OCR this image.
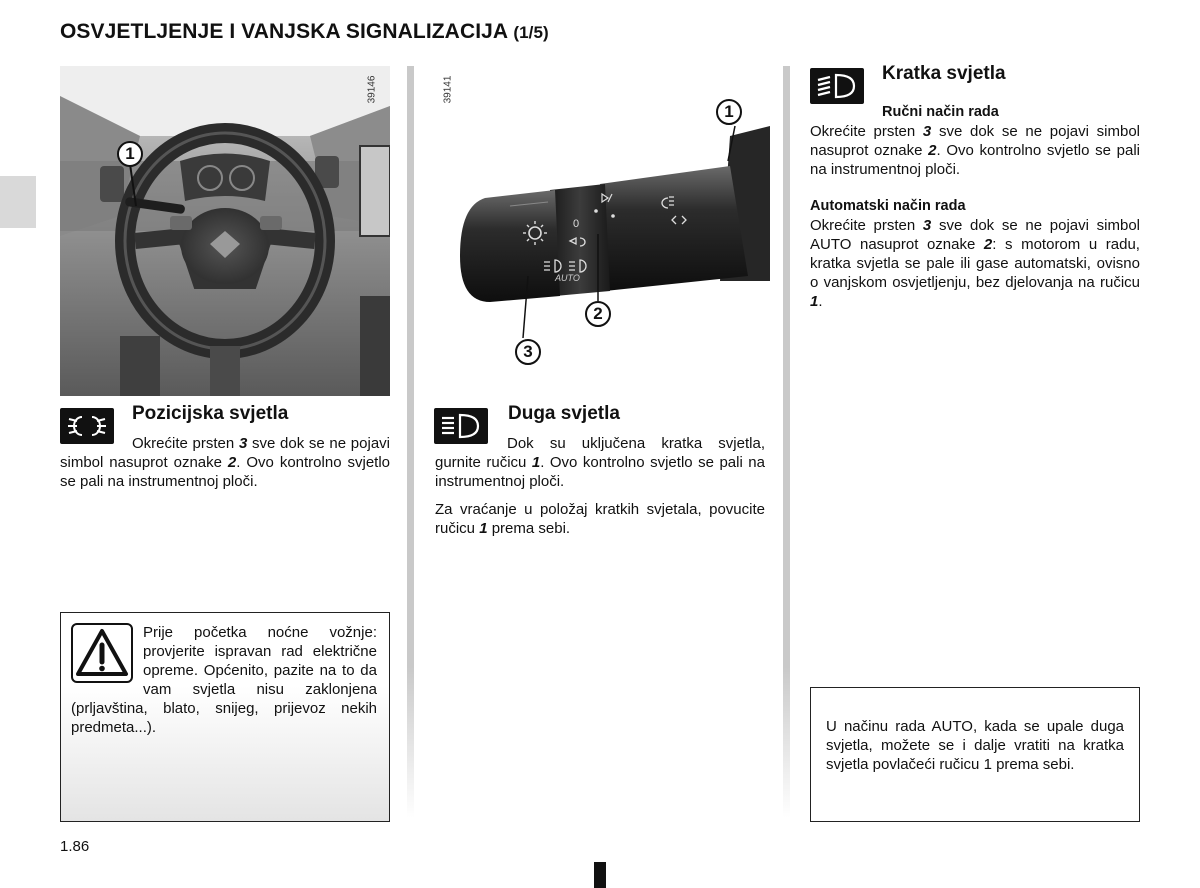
OSVJETLJENJE I VANJSKA SIGNALIZACIJA (1/5)
39146
1
39141
0
AUTO
1
2
3
Pozicijska svjetla
Okrećite prsten 3 sve dok se ne pojavi simbol nasuprot oznake 2. Ovo kontrolno svjetlo se pali na instrumentnoj ploči.
Duga svjetla
Dok su uključena kratka svjetla, gurnite ručicu 1. Ovo kontrolno svjetlo se pali na instrumentnoj ploči.
Za vraćanje u položaj kratkih svjetala, povucite ručicu 1 prema sebi.
Kratka svjetla
Ručni način rada
Okrećite prsten 3 sve dok se ne pojavi simbol nasuprot oznake 2. Ovo kontrolno svjetlo se pali na instrumentnoj ploči.
Automatski način rada
Okrećite prsten 3 sve dok se ne pojavi simbol AUTO nasuprot oznake 2: s motorom u radu, kratka svjetla se pale ili gase automatski, ovisno o vanjskom osvjetljenju, bez djelovanja na ručicu 1.
Prije početka noćne vožnje: provjerite ispravan rad električne opreme. Općenito, pazite na to da vam svjetla nisu zaklonjena (prljavština, blato, snijeg, prijevoz nekih predmeta...).	U načinu rada AUTO, kada se upale duga svjetla, možete se i dalje vratiti na kratka svjetla povlačeći ručicu 1 prema sebi.
1.86
